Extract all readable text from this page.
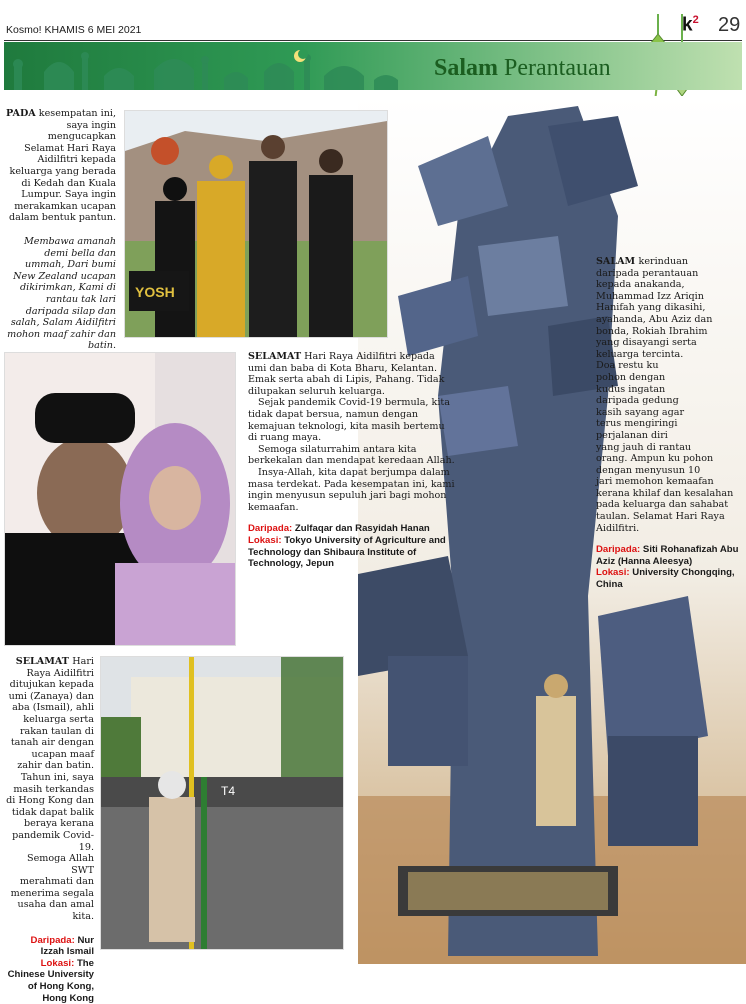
Kosmo! KHAMIS 6 MEI 2021	$k^2$ 29
Salam Perantauan

PADA kesempatan ini, saya ingin mengucapkan Selamat Hari Raya Aidilfitri kepada keluarga yang berada di Kedah dan Kuala Lumpur. Saya ingin merakamkan ucapan dalam bentuk pantun.

Membawa amanah demi bella dan ummah, Dari bumi New Zealand ucapan dikirimkan, Kami di rantau tak lari daripada silap dan salah, Salam Aidilfitri mohon maaf zahir dan batin.

YOSH

SELAMAT Hari Raya Aidilfitri kepada umi dan baba di Kota Bharu, Kelantan. Emak serta abah di Lipis, Pahang. Tidak dilupakan seluruh keluarga.

Sejak pandemik Covid-19 bermula, kita tidak dapat bersua, namun dengan kemajuan teknologi, kita masih bertemu di ruang maya.

Semoga silaturrahim antara kita berkekalan dan mendapat keredaan Allah.

Insya-Allah, kita dapat berjumpa dalam masa terdekat. Pada kesempatan ini, kami ingin menyusun sepuluh jari bagi mohon kemaafan.

Daripada: Zulfaqar dan Rasyidah Hanan
Lokasi: Tokyo University of Agriculture and Technology dan Shibaura Institute of Technology, Jepun

SALAM kerinduan
daripada perantauan
kepada anakanda,
Muhammad Izz Ariqin
Hanifah yang dikasihi,
ayahanda, Abu Aziz dan
bonda, Rokiah Ibrahim
yang disayangi serta
keluarga tercinta.
Doa restu ku
pohon dengan
kudus ingatan
daripada gedung
kasih sayang agar
terus mengiringi
perjalanan diri
yang jauh di rantau
orang. Ampun ku pohon
dengan menyusun 10
jari memohon kemaafan
kerana khilaf dan kesalahan
pada keluarga dan sahabat
taulan. Selamat Hari Raya
Aidilfitri.

Daripada: Siti Rohanafizah Abu Aziz (Hanna Aleesya)
Lokasi: University Chongqing, China

SELAMAT Hari
Raya Aidilfitri
ditujukan kepada
umi (Zanaya) dan
aba (Ismail), ahli
keluarga serta
rakan taulan di
tanah air dengan
ucapan maaf
zahir dan batin.
Tahun ini, saya
masih terkandas
di Hong Kong dan
tidak dapat balik
beraya kerana
pandemik Covid-19.
Semoga Allah SWT
merahmati dan
menerima segala
usaha dan amal
kita.

Daripada: Nur Izzah Ismail
Lokasi: The Chinese University of Hong Kong, Hong Kong

T4
